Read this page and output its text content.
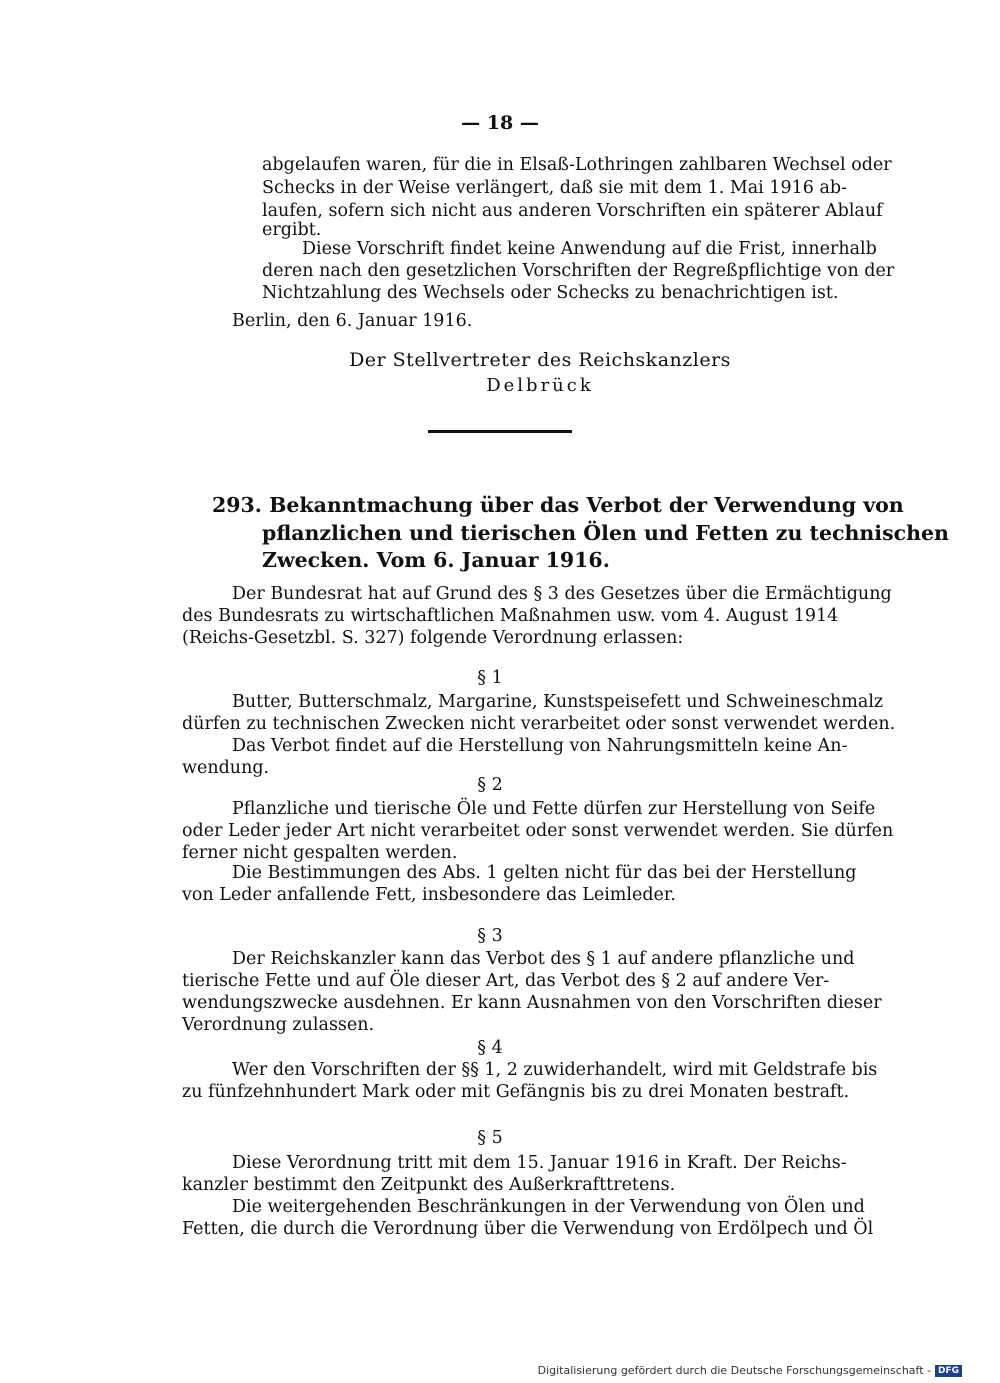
— 18 —
abgelaufen waren, für die in Elsaß-Lothringen zahlbaren Wechsel oder
Schecks in der Weise verlängert, daß sie mit dem 1. Mai 1916 ab-
laufen, sofern sich nicht aus anderen Vorschriften ein späterer Ablauf
ergibt.
Diese Vorschrift findet keine Anwendung auf die Frist, innerhalb
deren nach den gesetzlichen Vorschriften der Regreßpflichtige von der
Nichtzahlung des Wechsels oder Schecks zu benachrichtigen ist.
Berlin, den 6. Januar 1916.
Der Stellvertreter des Reichskanzlers
Delbrück
293. Bekanntmachung über das Verbot der Verwendung von
pflanzlichen und tierischen Ölen und Fetten zu technischen
Zwecken. Vom 6. Januar 1916.
Der Bundesrat hat auf Grund des § 3 des Gesetzes über die Ermächtigung
des Bundesrats zu wirtschaftlichen Maßnahmen usw. vom 4. August 1914
(Reichs-Gesetzbl. S. 327) folgende Verordnung erlassen:
§ 1
Butter, Butterschmalz, Margarine, Kunstspeisefett und Schweineschmalz
dürfen zu technischen Zwecken nicht verarbeitet oder sonst verwendet werden.
Das Verbot findet auf die Herstellung von Nahrungsmitteln keine An-
wendung.
§ 2
Pflanzliche und tierische Öle und Fette dürfen zur Herstellung von Seife
oder Leder jeder Art nicht verarbeitet oder sonst verwendet werden. Sie dürfen
ferner nicht gespalten werden.
Die Bestimmungen des Abs. 1 gelten nicht für das bei der Herstellung
von Leder anfallende Fett, insbesondere das Leimleder.
§ 3
Der Reichskanzler kann das Verbot des § 1 auf andere pflanzliche und
tierische Fette und auf Öle dieser Art, das Verbot des § 2 auf andere Ver-
wendungszwecke ausdehnen. Er kann Ausnahmen von den Vorschriften dieser
Verordnung zulassen.
§ 4
Wer den Vorschriften der §§ 1, 2 zuwiderhandelt, wird mit Geldstrafe bis
zu fünfzehnhundert Mark oder mit Gefängnis bis zu drei Monaten bestraft.
§ 5
Diese Verordnung tritt mit dem 15. Januar 1916 in Kraft. Der Reichs-
kanzler bestimmt den Zeitpunkt des Außerkrafttretens.
Die weitergehenden Beschränkungen in der Verwendung von Ölen und
Fetten, die durch die Verordnung über die Verwendung von Erdölpech und Öl
Digitalisierung gefördert durch die Deutsche Forschungsgemeinschaft - DFG
